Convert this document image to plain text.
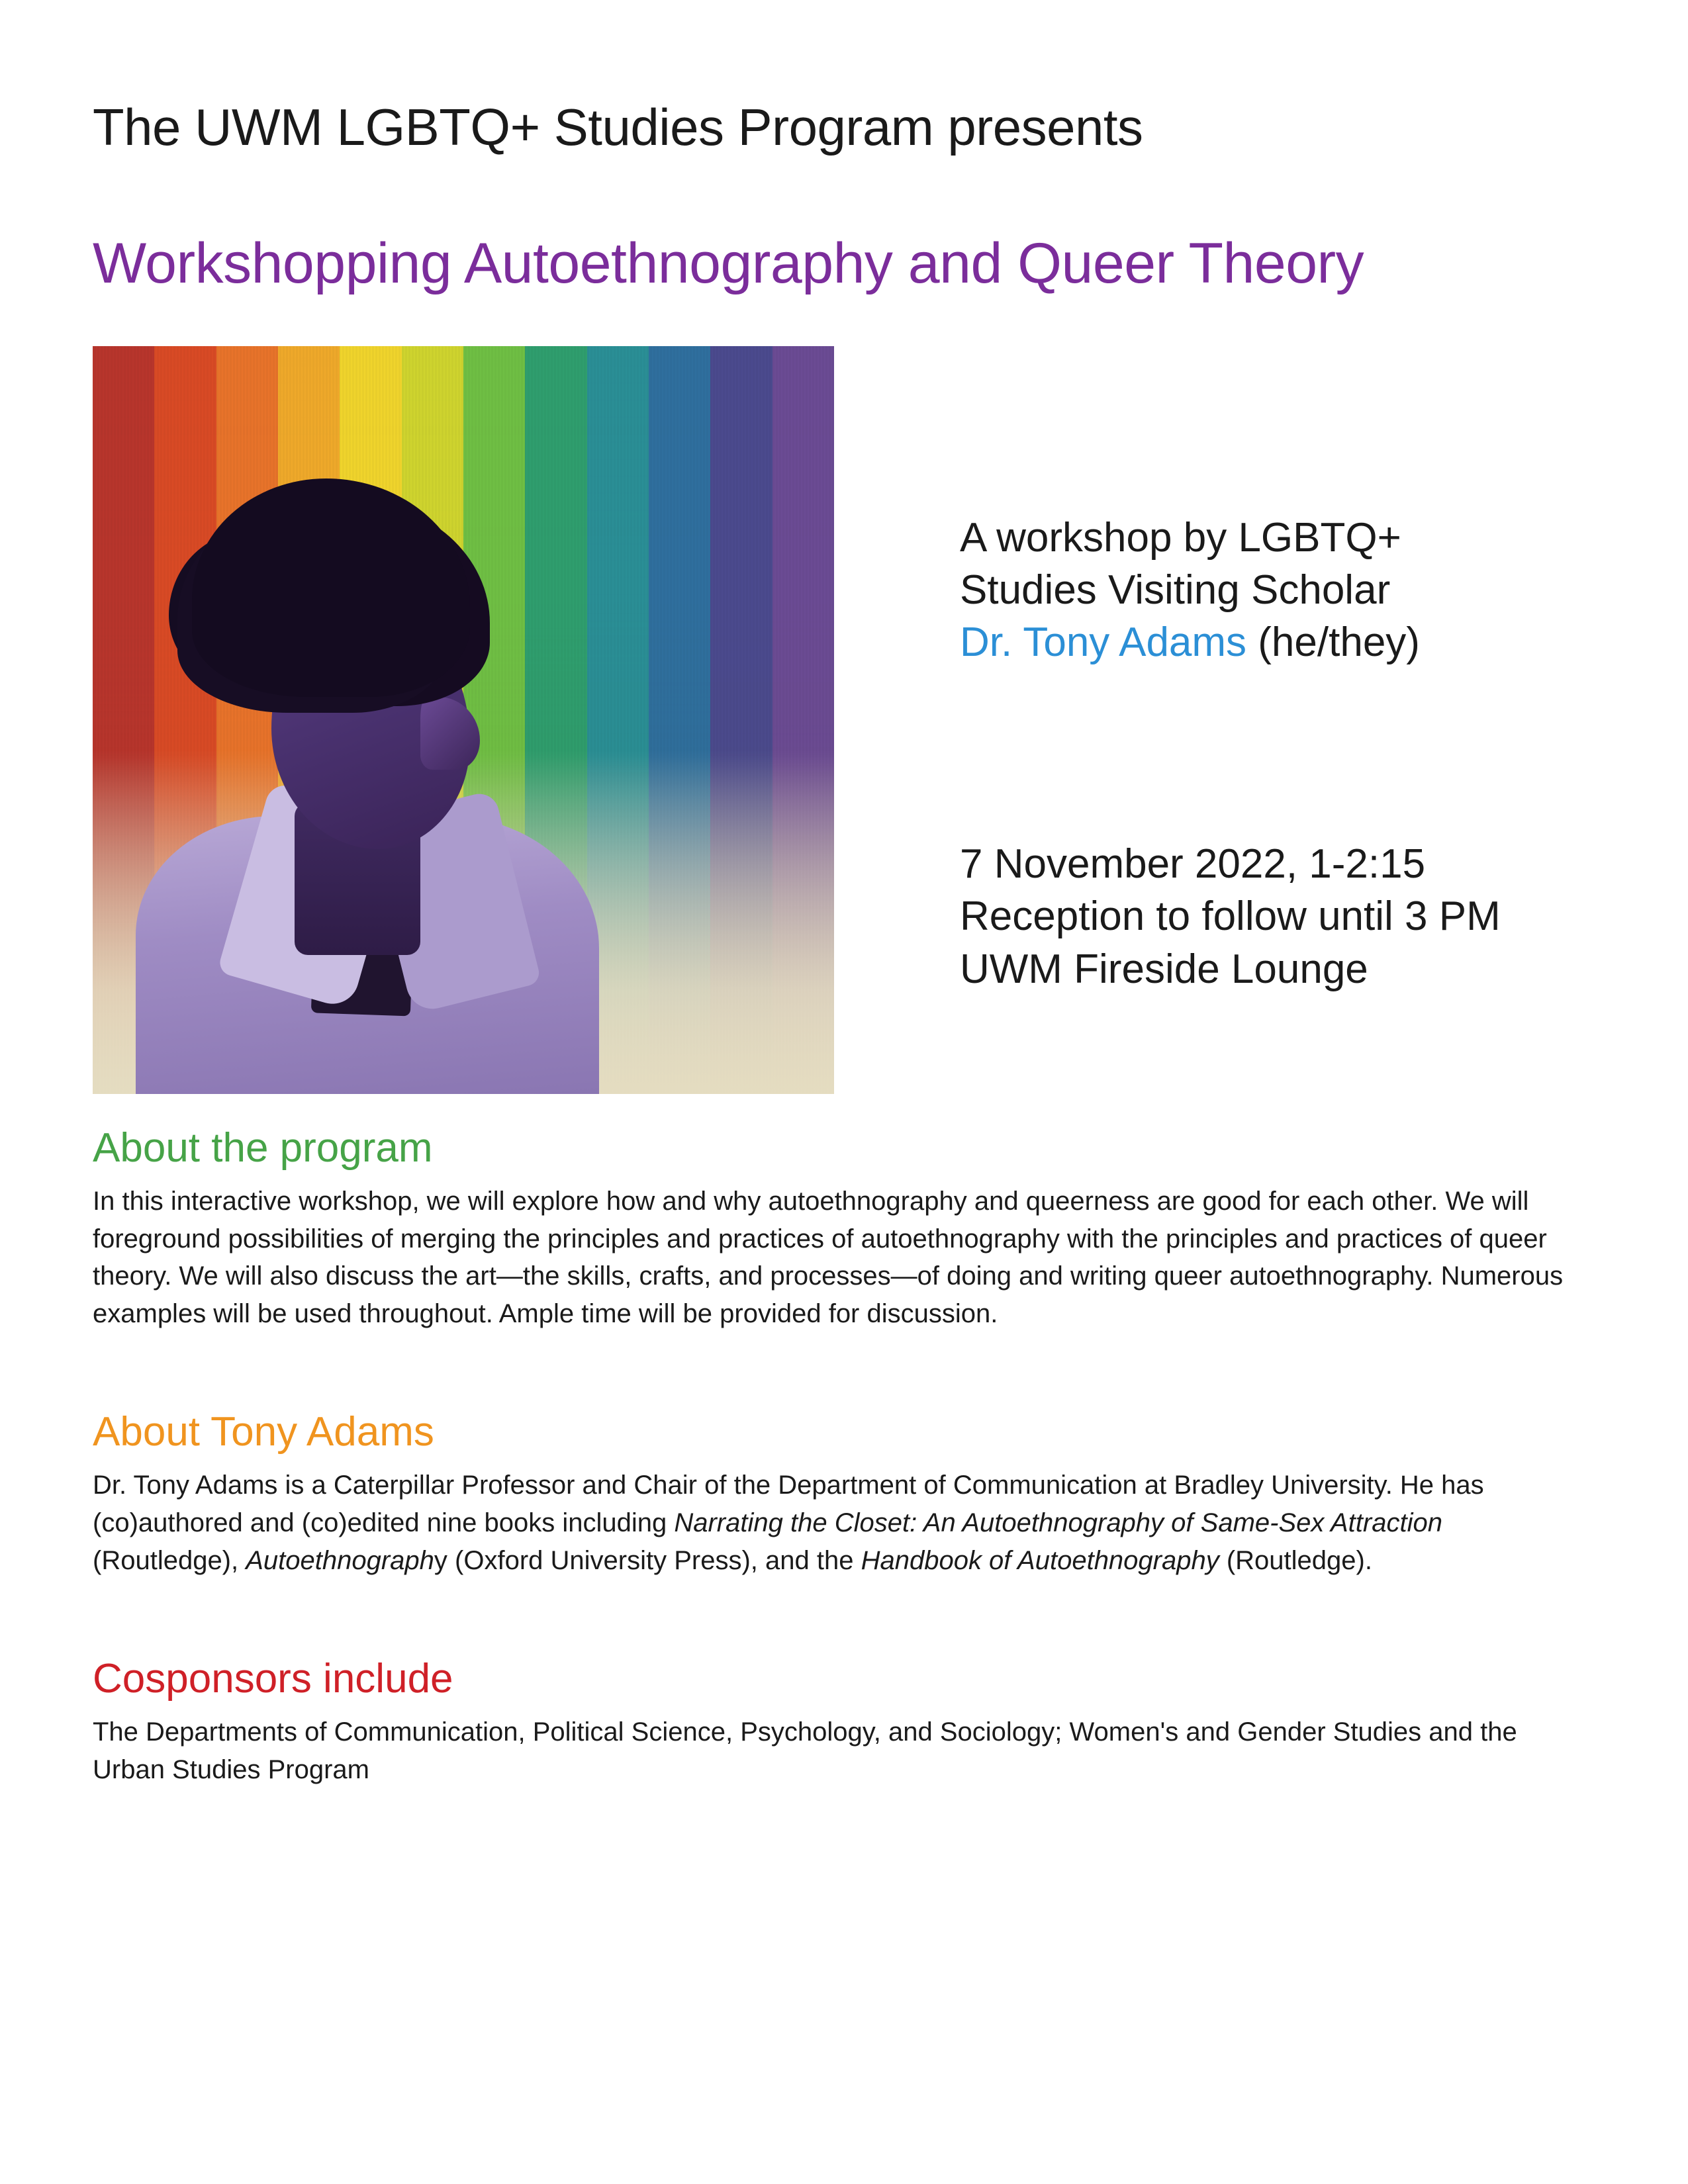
The UWM LGBTQ+ Studies Program presents
Workshopping Autoethnography and Queer Theory
A workshop by LGBTQ+
Studies Visiting Scholar
Dr. Tony Adams (he/they)
7 November 2022, 1-2:15
Reception to follow until 3 PM
UWM Fireside Lounge
About the program

In this interactive workshop, we will explore how and why autoethnography and queerness are good for each other. We will foreground possibilities of merging the principles and practices of autoethnography with the principles and practices of queer theory. We will also discuss the art—the skills, crafts, and processes—of doing and writing queer autoethnography. Numerous examples will be used throughout. Ample time will be provided for discussion.

About Tony Adams

Dr. Tony Adams is a Caterpillar Professor and Chair of the Department of Communication at Bradley University. He has (co)authored and (co)edited nine books including Narrating the Closet: An Autoethnography of Same-Sex Attraction (Routledge), Autoethnography (Oxford University Press), and the Handbook of Autoethnography (Routledge).

Cosponsors include

The Departments of Communication, Political Science, Psychology, and Sociology; Women's and Gender Studies and the Urban Studies Program
